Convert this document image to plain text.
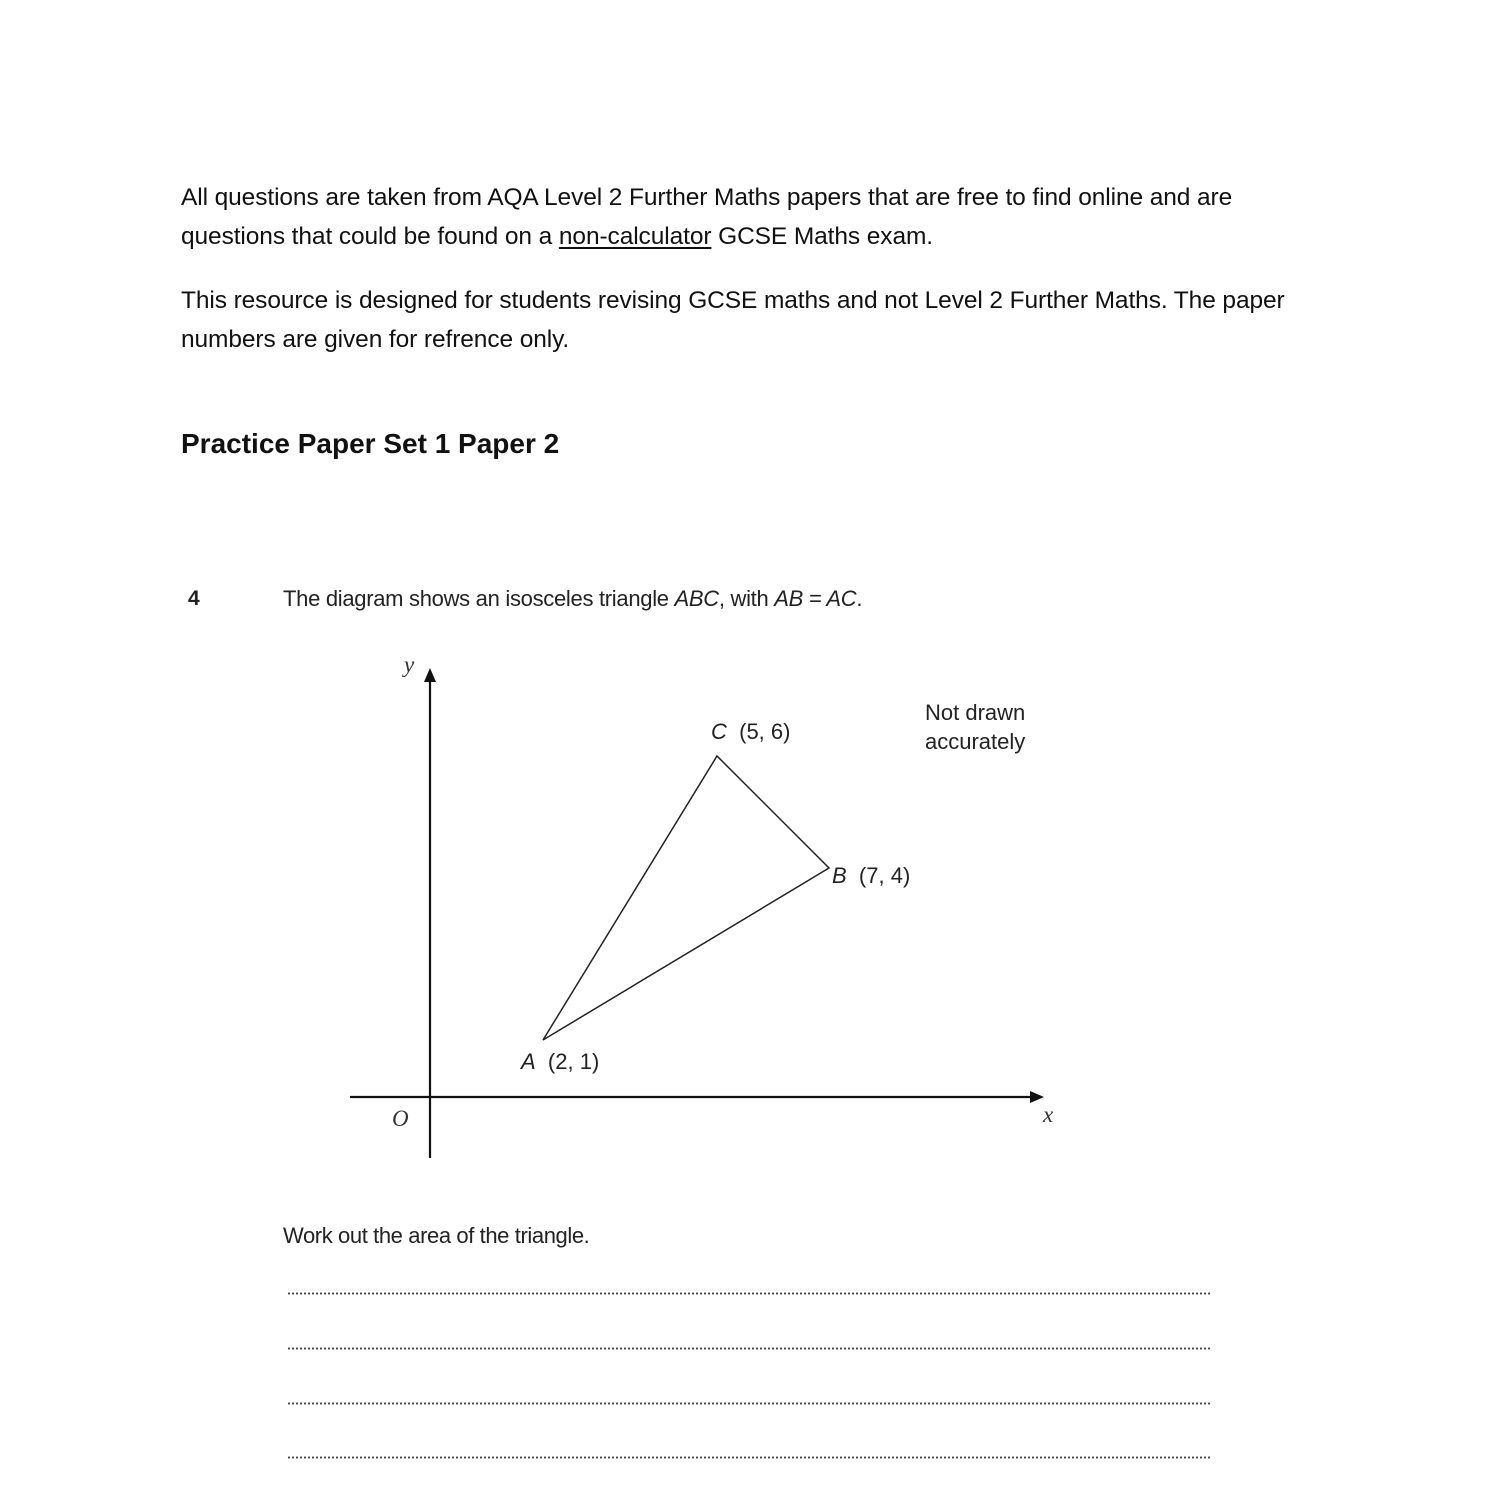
All questions are taken from AQA Level 2 Further Maths papers that are free to find online and are questions that could be found on a non-calculator GCSE Maths exam.

This resource is designed for students revising GCSE maths and not Level 2 Further Maths. The paper numbers are given for refrence only.

Practice Paper Set 1 Paper 2
4	The diagram shows an isosceles triangle ABC, with AB = AC.
y
x
O
C (5, 6)
B (7, 4)
A (2, 1)
Not drawn
accurately
Work out the area of the triangle.
